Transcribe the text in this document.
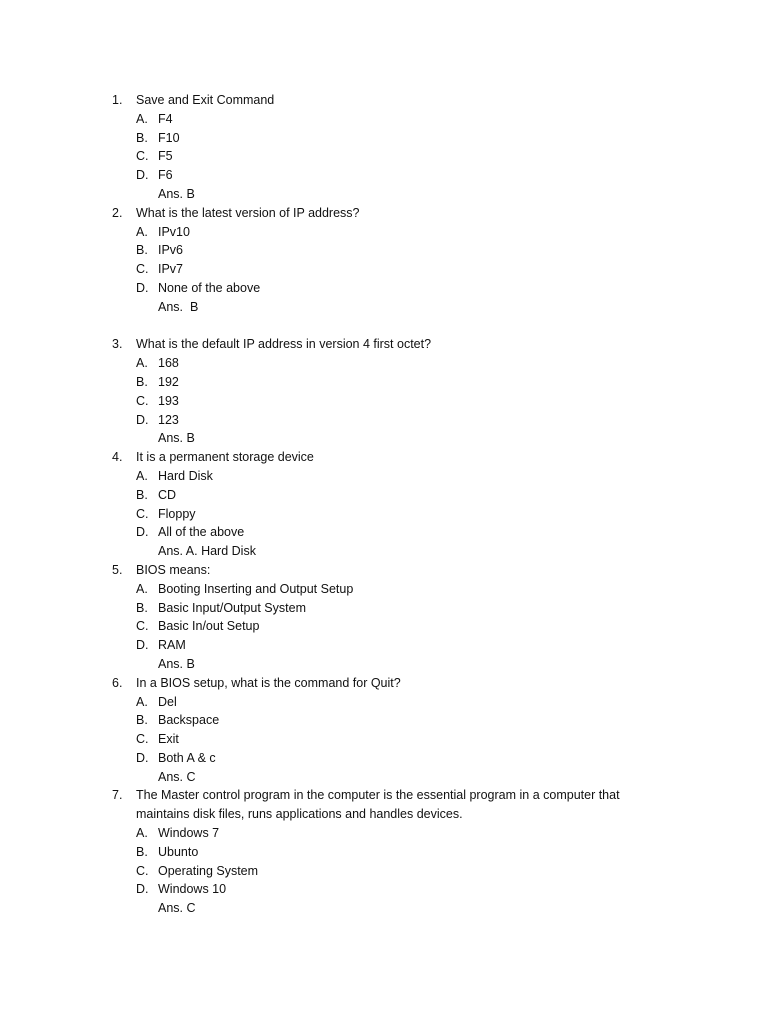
1.	Save and Exit Command
A. F4
B. F10
C. F5
D. F6
Ans. B
2.	What is the latest version of IP address?
A. IPv10
B. IPv6
C. IPv7
D. None of the above
Ans.  B
3.	What is the default IP address in version 4 first octet?
A. 168
B. 192
C. 193
D. 123
Ans. B
4.	It is a permanent storage device
A. Hard Disk
B. CD
C. Floppy
D. All of the above
Ans. A. Hard Disk
5.	BIOS means:
A. Booting Inserting and Output Setup
B. Basic Input/Output System
C. Basic In/out Setup
D. RAM
Ans. B
6.	In a BIOS setup, what is the command for Quit?
A. Del
B. Backspace
C. Exit
D. Both A & c
Ans. C
7.	The Master control program in the computer is the essential program in a computer that maintains disk files, runs applications and handles devices.
A. Windows 7
B. Ubunto
C. Operating System
D. Windows 10
Ans. C
